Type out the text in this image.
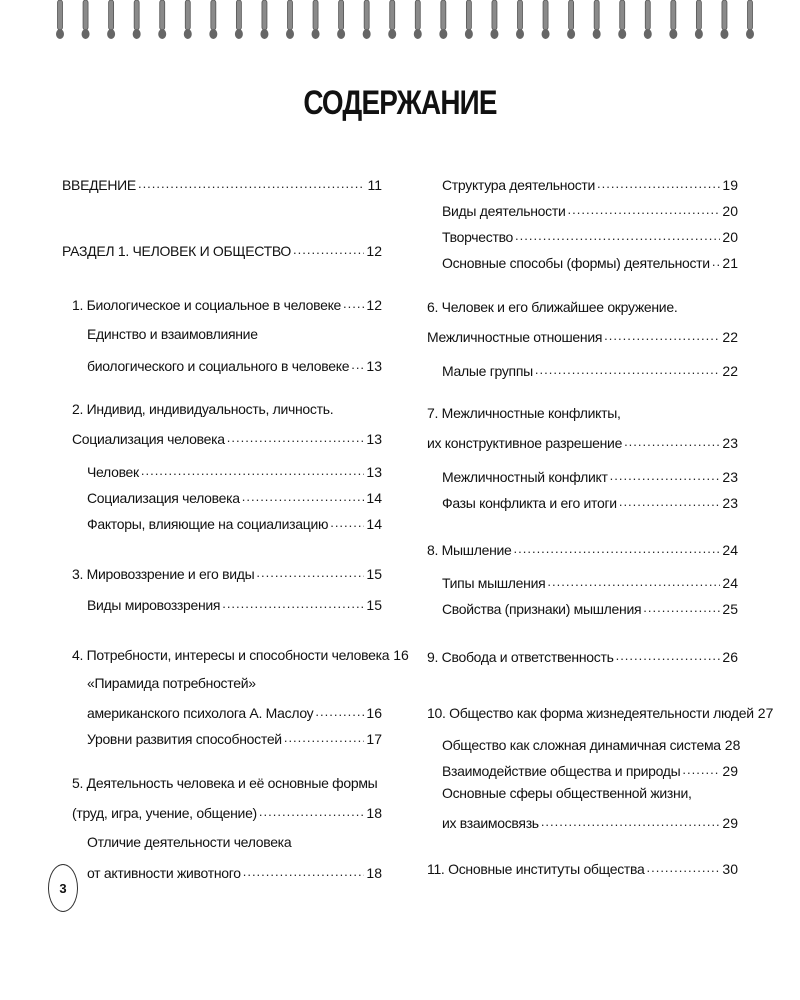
СОДЕРЖАНИЕ
ВВЕДЕНИЕ .....	11
РАЗДЕЛ 1. ЧЕЛОВЕК И ОБЩЕСТВО .....	12
1. Биологическое и социальное в человеке ..... 12
Единство и взаимовлияние
биологического и социального в человеке ..... 13
2. Индивид, индивидуальность, личность.
Социализация человека .....	13
Человек .....	13
Социализация человека .....	14
Факторы, влияющие на социализацию .....	14
3. Мировоззрение и его виды .....	15
Виды мировоззрения .....	15
4. Потребности, интересы и способности человека 16
«Пирамида потребностей»
американского психолога А. Маслоу .....	16
Уровни развития способностей .....	17
5. Деятельность человека и её основные формы
(труд, игра, учение, общение) .....	18
Отличие деятельности человека
от активности животного .....	18
Структура деятельности .....	19
Виды деятельности .....	20
Творчество .....	20
Основные способы (формы) деятельности ..... 21
6. Человек и его ближайшее окружение.
Межличностные отношения .....	22
Малые группы .....	22
7. Межличностные конфликты,
их конструктивное разрешение .....	23
Межличностный конфликт .....	23
Фазы конфликта и его итоги .....	23
8. Мышление .....	24
Типы мышления .....	24
Свойства (признаки) мышления .....	25
9. Свобода и ответственность .....	26
10. Общество как форма жизнедеятельности людей 27
Общество как сложная динамичная система 28
Взаимодействие общества и природы .....	29
Основные сферы общественной жизни,
их взаимосвязь .....	29
11. Основные институты общества .....	30
3
